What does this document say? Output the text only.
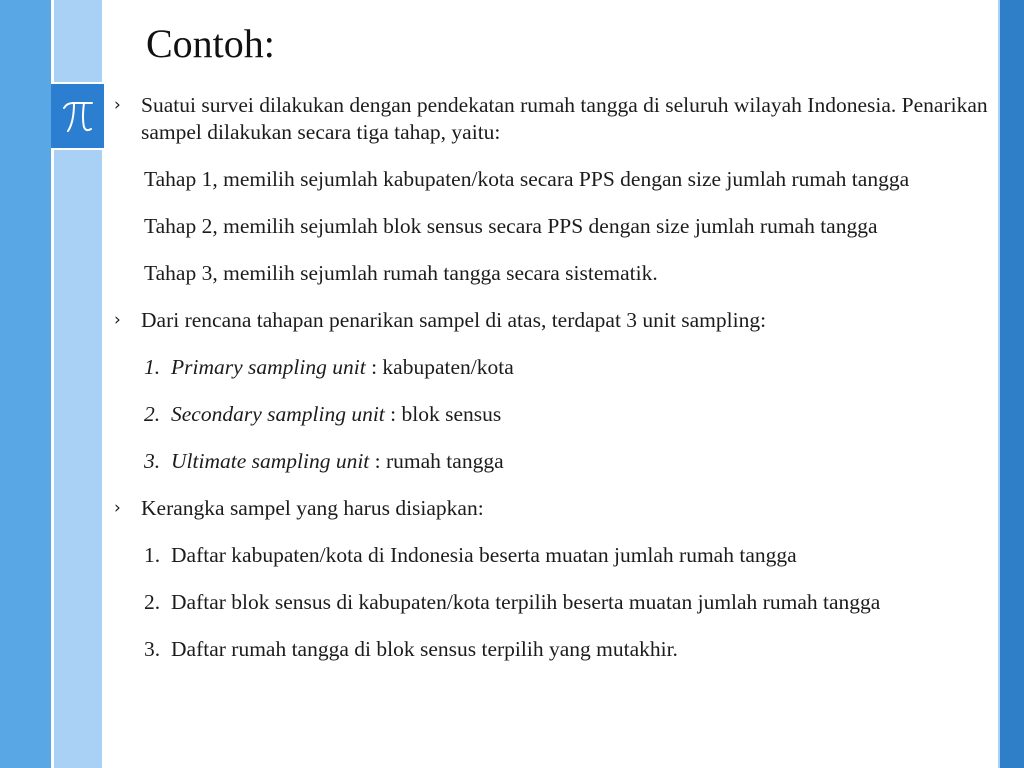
Contoh:
› Suatui survei dilakukan dengan pendekatan rumah tangga di seluruh wilayah Indonesia. Penarikan sampel dilakukan secara tiga tahap, yaitu:
Tahap 1, memilih sejumlah kabupaten/kota secara PPS dengan size jumlah rumah tangga
Tahap 2, memilih sejumlah blok sensus secara PPS dengan size jumlah rumah tangga
Tahap 3, memilih sejumlah rumah tangga secara sistematik.
› Dari rencana tahapan penarikan sampel di atas, terdapat 3 unit sampling:
1. Primary sampling unit : kabupaten/kota
2. Secondary sampling unit : blok sensus
3. Ultimate sampling unit : rumah tangga
› Kerangka sampel yang harus disiapkan:
1. Daftar kabupaten/kota di Indonesia beserta muatan jumlah rumah tangga
2. Daftar blok sensus di kabupaten/kota terpilih beserta muatan jumlah rumah tangga
3. Daftar rumah tangga di blok sensus terpilih yang mutakhir.
